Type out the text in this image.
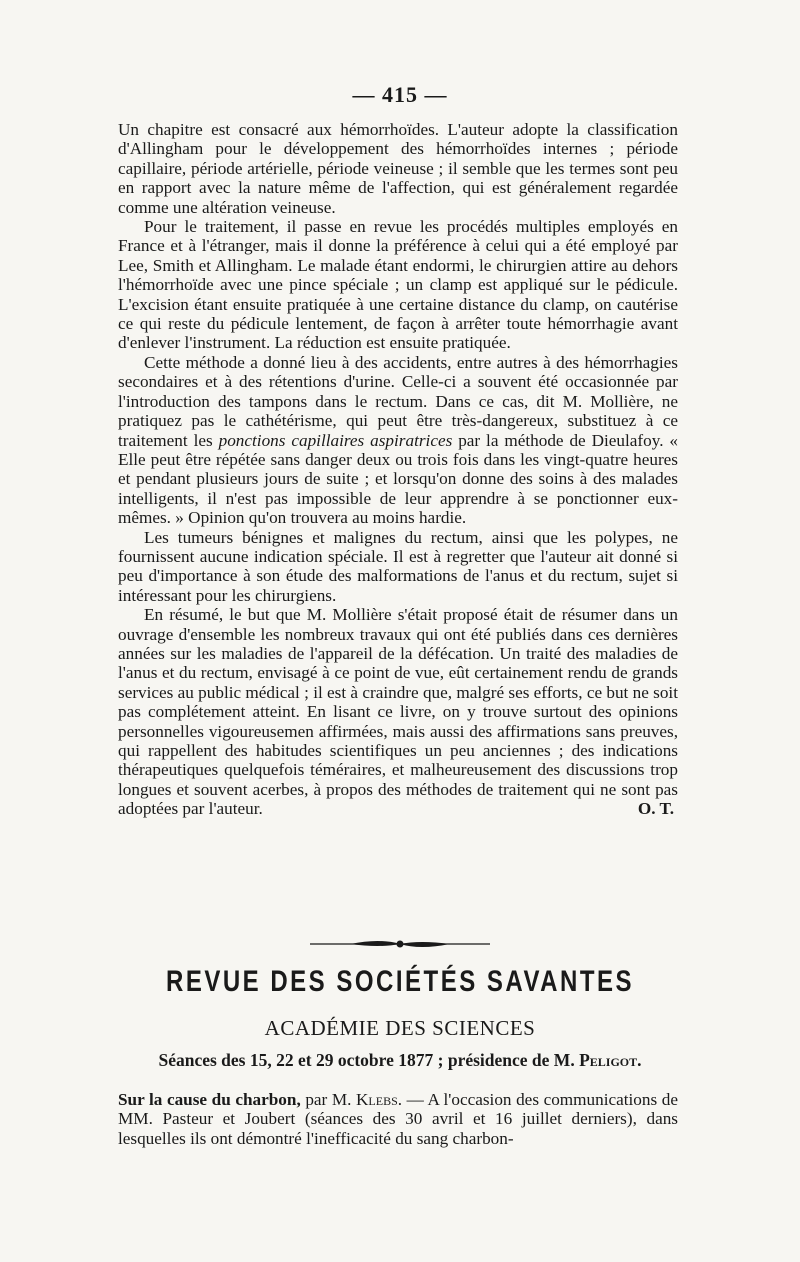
— 415 —

Un chapitre est consacré aux hémorrhoïdes. L'auteur adopte la classification d'Allingham pour le développement des hémorrhoïdes internes ; période capillaire, période artérielle, période veineuse ; il semble que les termes sont peu en rapport avec la nature même de l'affection, qui est généralement regardée comme une altération veineuse.

Pour le traitement, il passe en revue les procédés multiples employés en France et à l'étranger, mais il donne la préférence à celui qui a été employé par Lee, Smith et Allingham. Le malade étant endormi, le chirurgien attire au dehors l'hémorrhoïde avec une pince spéciale ; un clamp est appliqué sur le pédicule. L'excision étant ensuite pratiquée à une certaine distance du clamp, on cautérise ce qui reste du pédicule lentement, de façon à arrêter toute hémorrhagie avant d'enlever l'instrument. La réduction est ensuite pratiquée.

Cette méthode a donné lieu à des accidents, entre autres à des hémorrhagies secondaires et à des rétentions d'urine. Celle-ci a souvent été occasionnée par l'introduction des tampons dans le rectum. Dans ce cas, dit M. Mollière, ne pratiquez pas le cathétérisme, qui peut être très-dangereux, substituez à ce traitement les ponctions capillaires aspiratrices par la méthode de Dieulafoy. « Elle peut être répétée sans danger deux ou trois fois dans les vingt-quatre heures et pendant plusieurs jours de suite ; et lorsqu'on donne des soins à des malades intelligents, il n'est pas impossible de leur apprendre à se ponctionner eux-mêmes. » Opinion qu'on trouvera au moins hardie.

Les tumeurs bénignes et malignes du rectum, ainsi que les polypes, ne fournissent aucune indication spéciale. Il est à regretter que l'auteur ait donné si peu d'importance à son étude des malformations de l'anus et du rectum, sujet si intéressant pour les chirurgiens.

En résumé, le but que M. Mollière s'était proposé était de résumer dans un ouvrage d'ensemble les nombreux travaux qui ont été publiés dans ces dernières années sur les maladies de l'appareil de la défécation. Un traité des maladies de l'anus et du rectum, envisagé à ce point de vue, eût certainement rendu de grands services au public médical ; il est à craindre que, malgré ses efforts, ce but ne soit pas complétement atteint. En lisant ce livre, on y trouve surtout des opinions personnelles vigoureusemen affirmées, mais aussi des affirmations sans preuves, qui rappellent des habitudes scientifiques un peu anciennes ; des indications thérapeutiques quelquefois téméraires, et malheureusement des discussions trop longues et souvent acerbes, à propos des méthodes de traitement qui ne sont pas adoptées par l'auteur.	O. T.

REVUE DES SOCIÉTÉS SAVANTES
ACADÉMIE DES SCIENCES
Séances des 15, 22 et 29 octobre 1877 ; présidence de M. Peligot.
Sur la cause du charbon, par M. Klebs. — A l'occasion des communications de MM. Pasteur et Joubert (séances des 30 avril et 16 juillet derniers), dans lesquelles ils ont démontré l'inefficacité du sang charbon-
